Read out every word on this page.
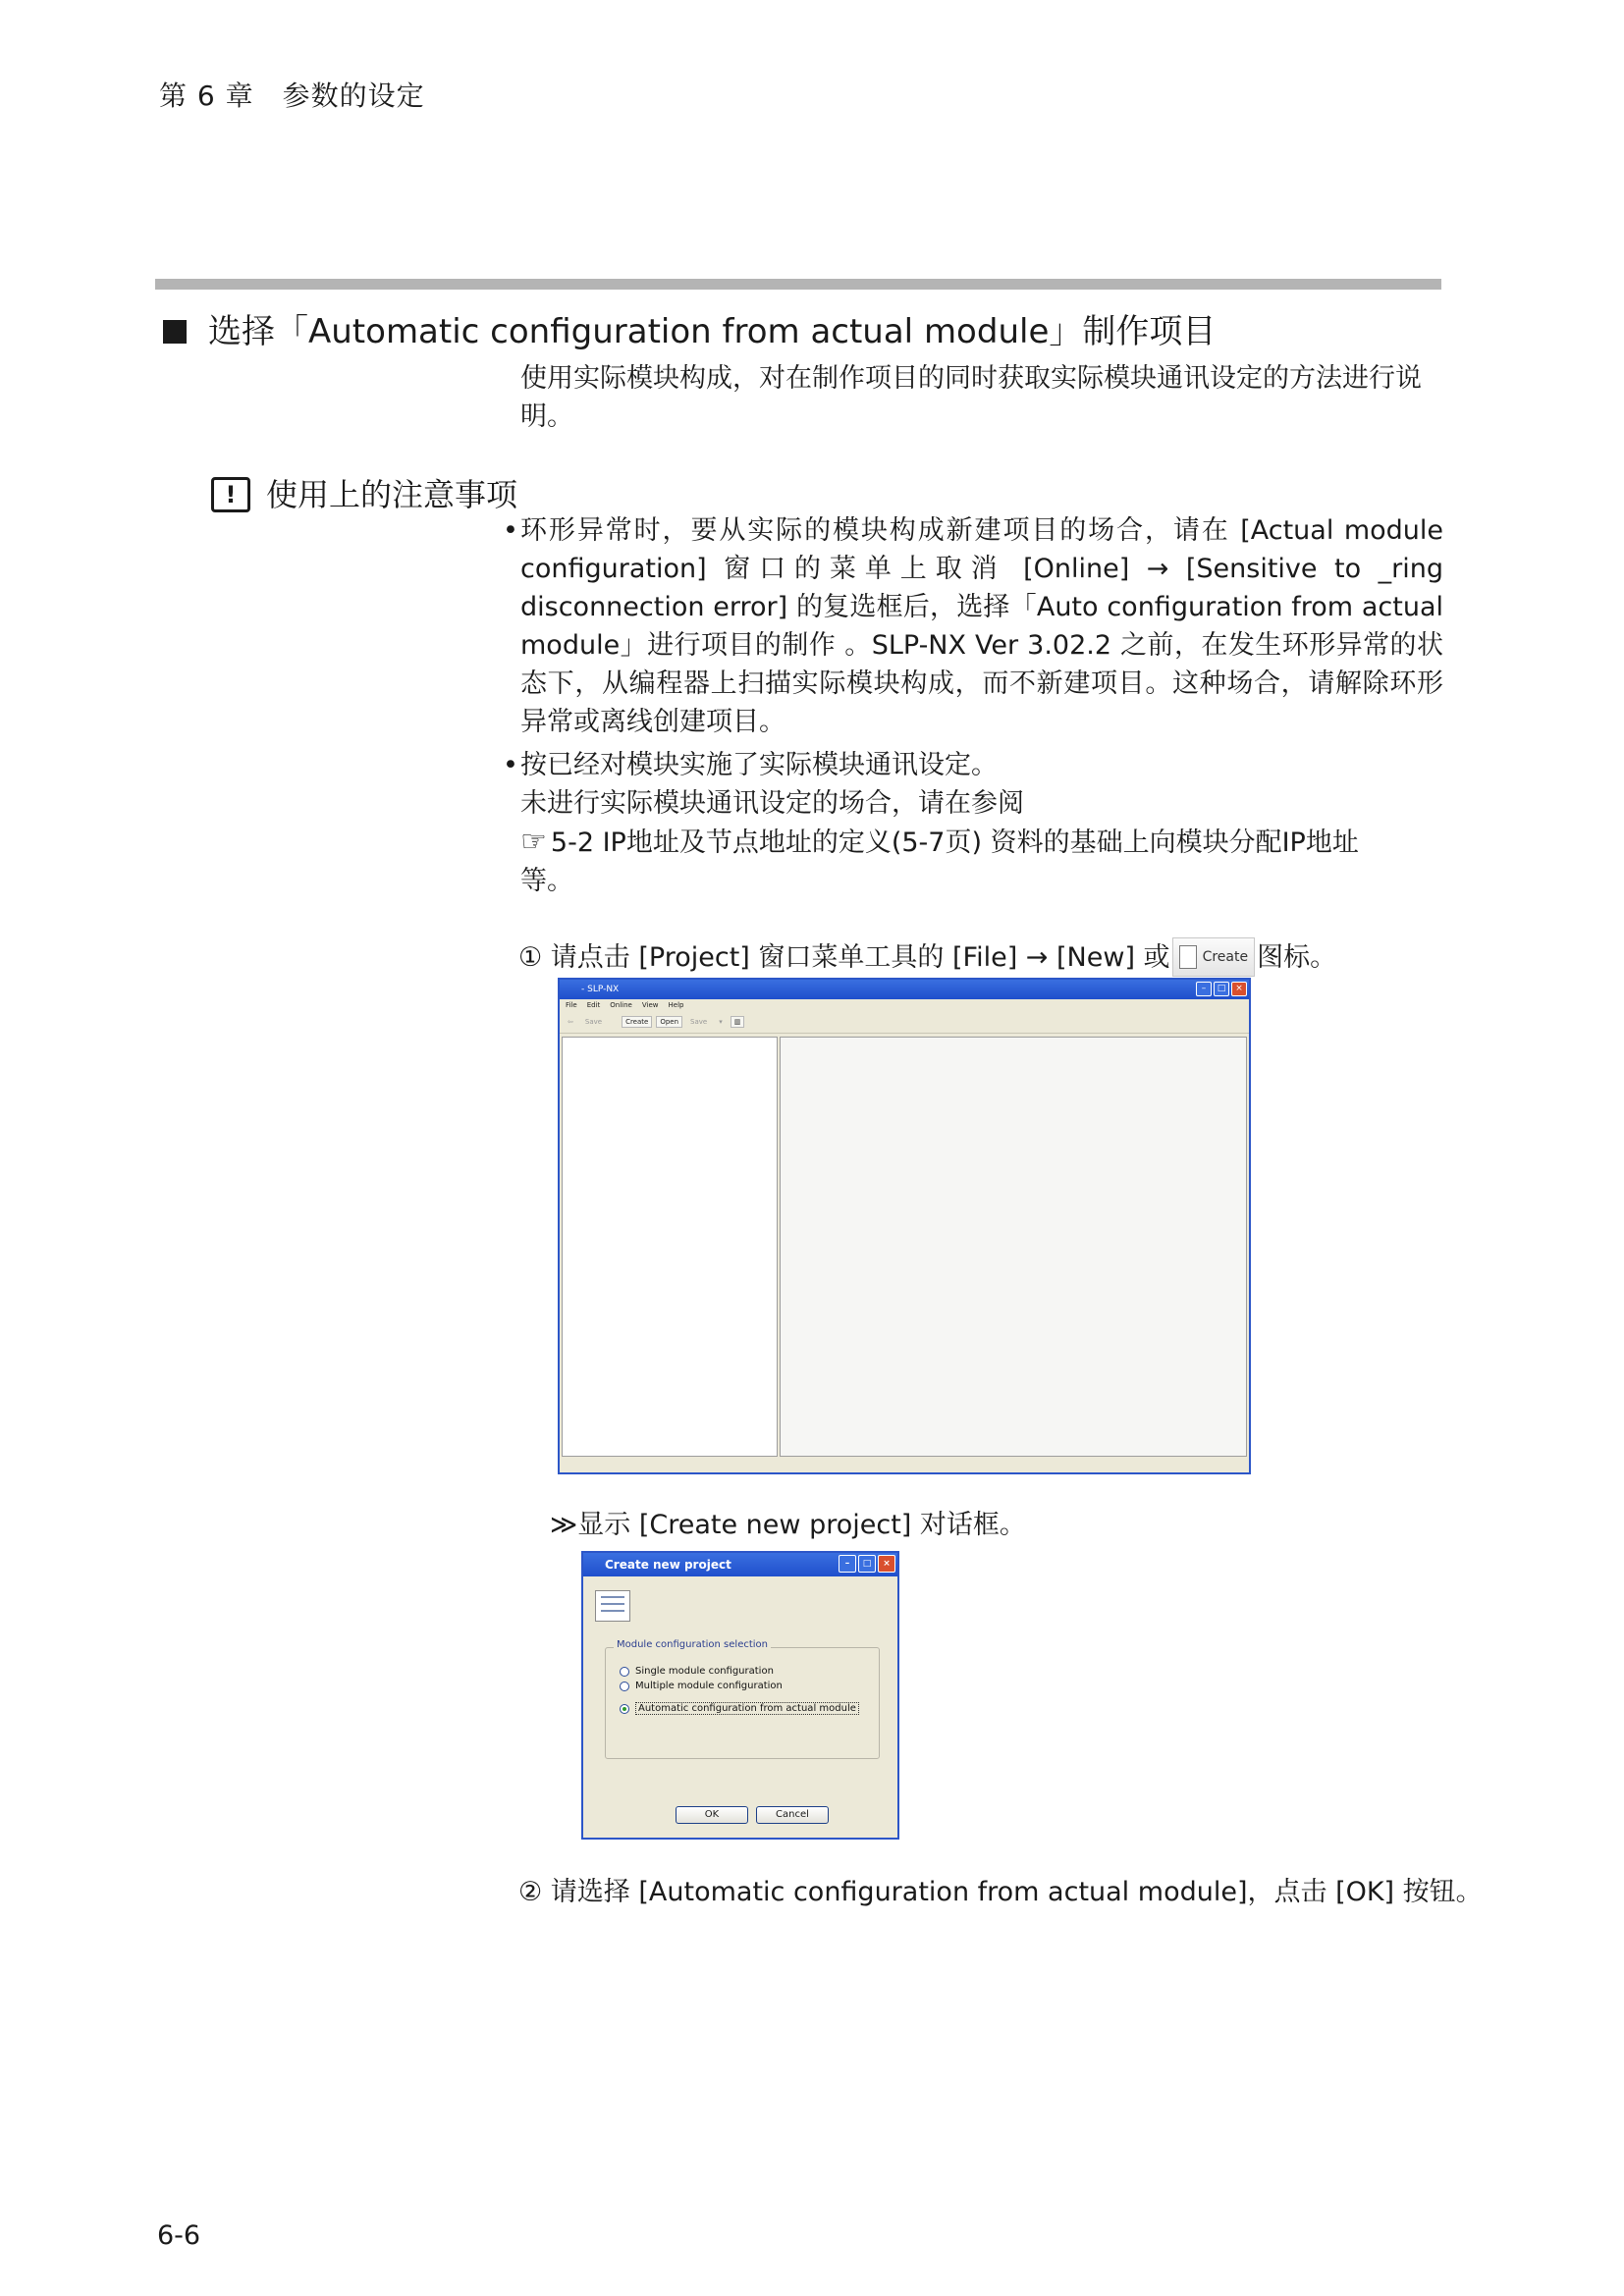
第 6 章　参数的设定
选择「Automatic configuration from actual module」制作项目
使用实际模块构成，对在制作项目的同时获取实际模块通讯设定的方法进行说明。
! 使用上的注意事项
• 环形异常时，要从实际的模块构成新建项目的场合，请在 [Actual module configuration] 窗口的菜单上取消 [Online] → [Sensitive to _ring disconnection error] 的复选框后，选择「Auto configuration from actual module」进行项目的制作 。SLP-NX Ver 3.02.2 之前，在发生环形异常的状态下，从编程器上扫描实际模块构成，而不新建项目。这种场合，请解除环形异常或离线创建项目。
• 按已经对模块实施了实际模块通讯设定。
未进行实际模块通讯设定的场合，请在参阅
☞ 5-2 IP地址及节点地址的定义(5-7页) 资料的基础上向模块分配IP地址
等。
① 请点击 [Project] 窗口菜单工具的 [File] → [New] 或 Create 图标。
- SLP-NX	–	□	×
File Edit Online View Help
⇦	Save	Create	Open	Save	▾	▥
≫显示 [Create new project] 对话框。
Create new project	–	□	×
Module configuration selection
Single module configuration
Multiple module configuration
Automatic configuration from actual module
OK	Cancel
② 请选择 [Automatic configuration from actual module]，点击 [OK] 按钮。
6-6
